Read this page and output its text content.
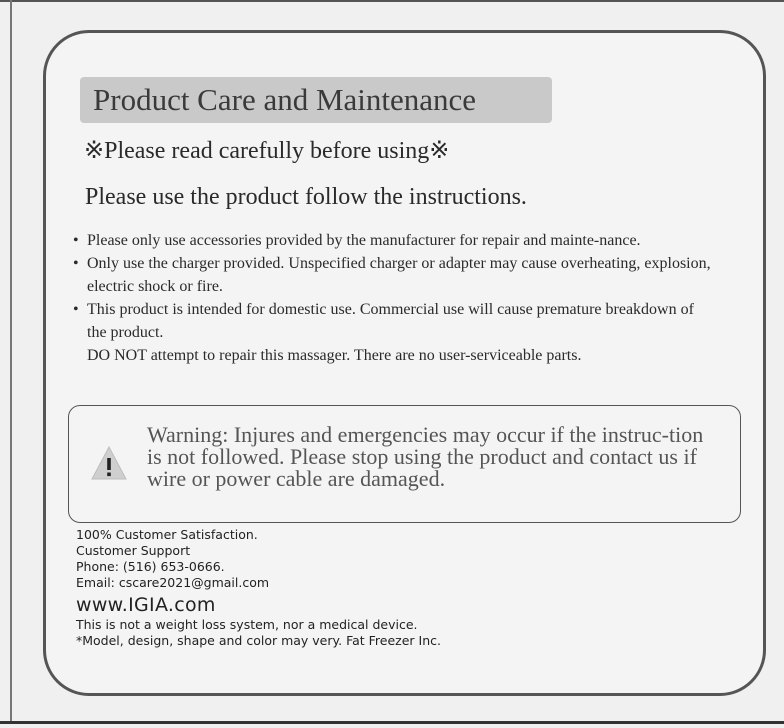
Product Care and Maintenance
※Please read carefully before using※
Please use the product follow the instructions.
• Please only use accessories provided by the manufacturer for repair and mainte-nance.
• Only use the charger provided. Unspecified charger or adapter may cause overheating, explosion, electric shock or fire.
• This product is intended for domestic use. Commercial use will cause premature breakdown of the product.
DO NOT attempt to repair this massager. There are no user-serviceable parts.
Warning: Injures and emergencies may occur if the instruc-tion is not followed. Please stop using the product and contact us if wire or power cable are damaged.
100% Customer Satisfaction.
Customer Support
Phone: (516) 653-0666.
Email: cscare2021@gmail.com
www.IGIA.com
This is not a weight loss system, nor a medical device.
*Model, design, shape and color may very. Fat Freezer Inc.
